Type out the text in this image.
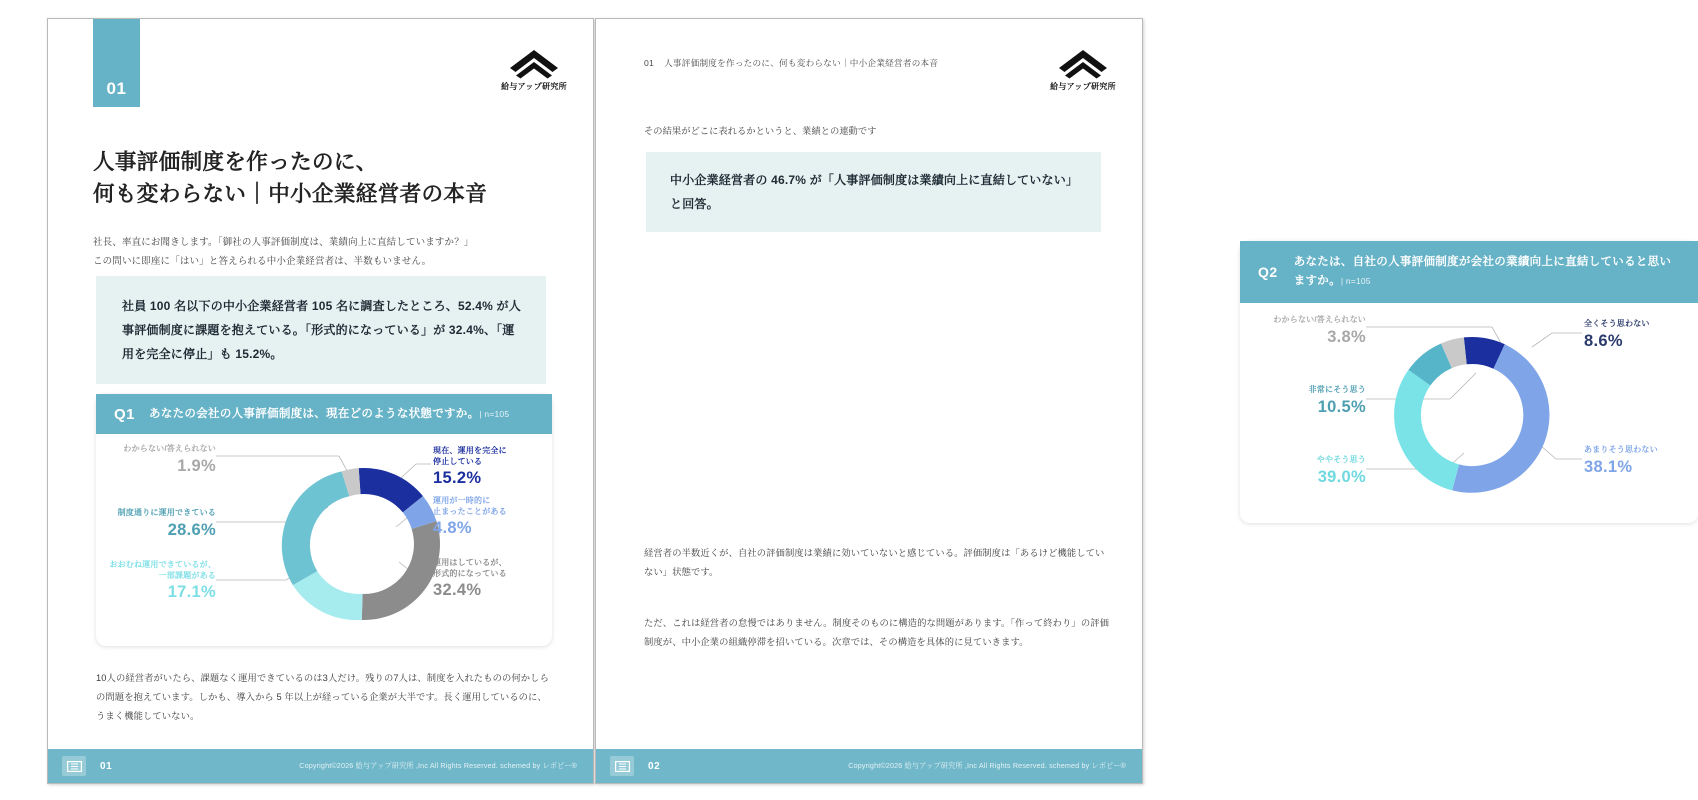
01	給与アップ研究所
人事評価制度を作ったのに、
何も変わらない｜中小企業経営者の本音
社長、率直にお聞きします。「御社の人事評価制度は、業績向上に直結していますか？」
この問いに即座に「はい」と答えられる中小企業経営者は、半数もいません。
社員 100 名以下の中小企業経営者 105 名に調査したところ、52.4% が人事評価制度に課題を抱えている。「形式的になっている」が 32.4%、「運用を完全に停止」も 15.2%。
Q1 あなたの会社の人事評価制度は、現在どのような状態ですか。| n=105
わからない/答えられない
1.9%
制度通りに運用できている
28.6%
おおむね運用できているが、
一部課題がある
17.1%
現在、運用を完全に
停止している
15.2%
運用が一時的に
止まったことがある
4.8%
運用はしているが、
形式的になっている
32.4%
10人の経営者がいたら、課題なく運用できているのは3人だけ。残りの7人は、制度を入れたものの何かしらの問題を抱えています。しかも、導入から 5 年以上が経っている企業が大半です。長く運用しているのに、うまく機能していない。
01	Copyright©2026 給与アップ研究所 ,Inc All Rights Reserved. schemed by レポピー®
01 人事評価制度を作ったのに、何も変わらない｜中小企業経営者の本音
給与アップ研究所
その結果がどこに表れるかというと、業績との連動です
中小企業経営者の 46.7% が「人事評価制度は業績向上に直結していない」と回答。
Q2
あなたは、自社の人事評価制度が会社の業績向上に直結していると思いますか。| n=105
わからない/答えられない
3.8%
非常にそう思う
10.5%
ややそう思う
39.0%
全くそう思わない
8.6%
あまりそう思わない
38.1%
経営者の半数近くが、自社の評価制度は業績に効いていないと感じている。評価制度は「あるけど機能していない」状態です。
ただ、これは経営者の怠慢ではありません。制度そのものに構造的な問題があります。「作って終わり」の評価制度が、中小企業の組織停滞を招いている。次章では、その構造を具体的に見ていきます。
02	Copyright©2026 給与アップ研究所 ,Inc All Rights Reserved. schemed by レポピー®
